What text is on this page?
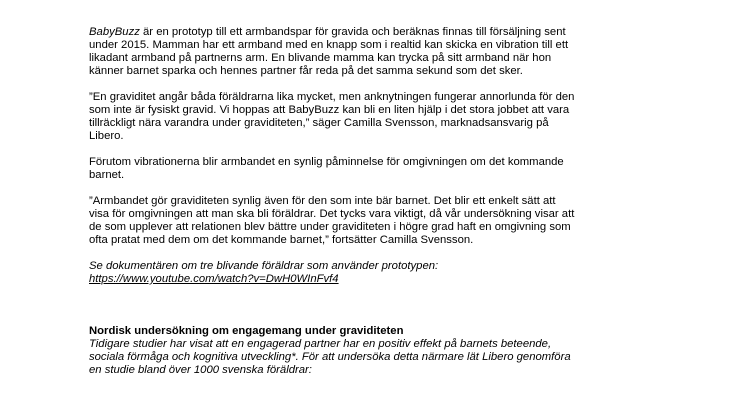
BabyBuzz är en prototyp till ett armbandspar för gravida och beräknas finnas till försäljning sent
under 2015. Mamman har ett armband med en knapp som i realtid kan skicka en vibration till ett
likadant armband på partnerns arm. En blivande mamma kan trycka på sitt armband när hon
känner barnet sparka och hennes partner får reda på det samma sekund som det sker.
”En graviditet angår båda föräldrarna lika mycket, men anknytningen fungerar annorlunda för den
som inte är fysiskt gravid. Vi hoppas att BabyBuzz kan bli en liten hjälp i det stora jobbet att vara
tillräckligt nära varandra under graviditeten,” säger Camilla Svensson, marknadsansvarig på
Libero.
Förutom vibrationerna blir armbandet en synlig påminnelse för omgivningen om det kommande
barnet.
”Armbandet gör graviditeten synlig även för den som inte bär barnet. Det blir ett enkelt sätt att
visa för omgivningen att man ska bli föräldrar. Det tycks vara viktigt, då vår undersökning visar att
de som upplever att relationen blev bättre under graviditeten i högre grad haft en omgivning som
ofta pratat med dem om det kommande barnet,” fortsätter Camilla Svensson.
Se dokumentären om tre blivande föräldrar som använder prototypen:
https://www.youtube.com/watch?v=DwH0WInFvf4
Nordisk undersökning om engagemang under graviditeten
Tidigare studier har visat att en engagerad partner har en positiv effekt på barnets beteende,
sociala förmåga och kognitiva utveckling*. För att undersöka detta närmare lät Libero genomföra
en studie bland över 1000 svenska föräldrar:
